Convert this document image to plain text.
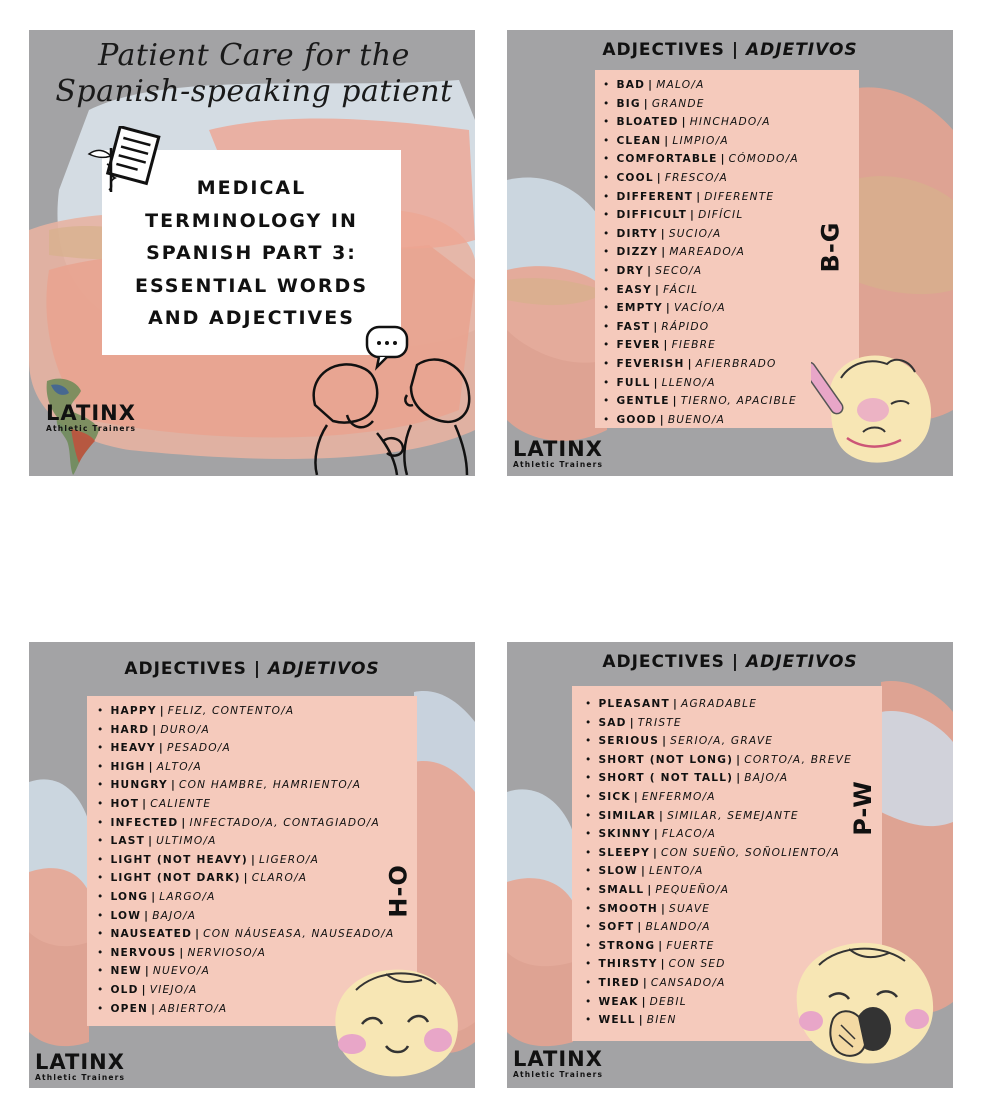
Patient Care for the
Spanish-speaking patient
MEDICAL
TERMINOLOGY IN
SPANISH PART 3:
ESSENTIAL WORDS
AND ADJECTIVES
LATINX
Athletic Trainers
ADJECTIVES | ADJETIVOS
• BAD | MALO/A
• BIG | GRANDE
• BLOATED | HINCHADO/A
• CLEAN | LIMPIO/A
• COMFORTABLE | CÓMODO/A
• COOL | FRESCO/A
• DIFFERENT | DIFERENTE
• DIFFICULT | DIFÍCIL
• DIRTY | SUCIO/A
• DIZZY | MAREADO/A
• DRY | SECO/A
• EASY | FÁCIL
• EMPTY | VACÍO/A
• FAST | RÁPIDO
• FEVER | FIEBRE
• FEVERISH | AFIERBRADO
• FULL | LLENO/A
• GENTLE | TIERNO, APACIBLE
• GOOD | BUENO/A
B-G
LATINX
Athletic Trainers
ADJECTIVES | ADJETIVOS
• HAPPY | FELIZ, CONTENTO/A
• HARD | DURO/A
• HEAVY | PESADO/A
• HIGH | ALTO/A
• HUNGRY | CON HAMBRE, HAMRIENTO/A
• HOT | CALIENTE
• INFECTED | INFECTADO/A, CONTAGIADO/A
• LAST | ULTIMO/A
• LIGHT (NOT HEAVY) | LIGERO/A
• LIGHT (NOT DARK) | CLARO/A
• LONG | LARGO/A
• LOW | BAJO/A
• NAUSEATED | CON NÁUSEASA, NAUSEADO/A
• NERVOUS | NERVIOSO/A
• NEW | NUEVO/A
• OLD | VIEJO/A
• OPEN | ABIERTO/A
H-O
LATINX
Athletic Trainers
ADJECTIVES | ADJETIVOS
• PLEASANT | AGRADABLE
• SAD | TRISTE
• SERIOUS | SERIO/A, GRAVE
• SHORT (NOT LONG) | CORTO/A, BREVE
• SHORT ( NOT TALL) | BAJO/A
• SICK | ENFERMO/A
• SIMILAR | SIMILAR, SEMEJANTE
• SKINNY | FLACO/A
• SLEEPY | CON SUEÑO, SOÑOLIENTO/A
• SLOW | LENTO/A
• SMALL | PEQUEÑO/A
• SMOOTH | SUAVE
• SOFT | BLANDO/A
• STRONG | FUERTE
• THIRSTY | CON SED
• TIRED | CANSADO/A
• WEAK | DEBIL
• WELL | BIEN
P-W
LATINX
Athletic Trainers
